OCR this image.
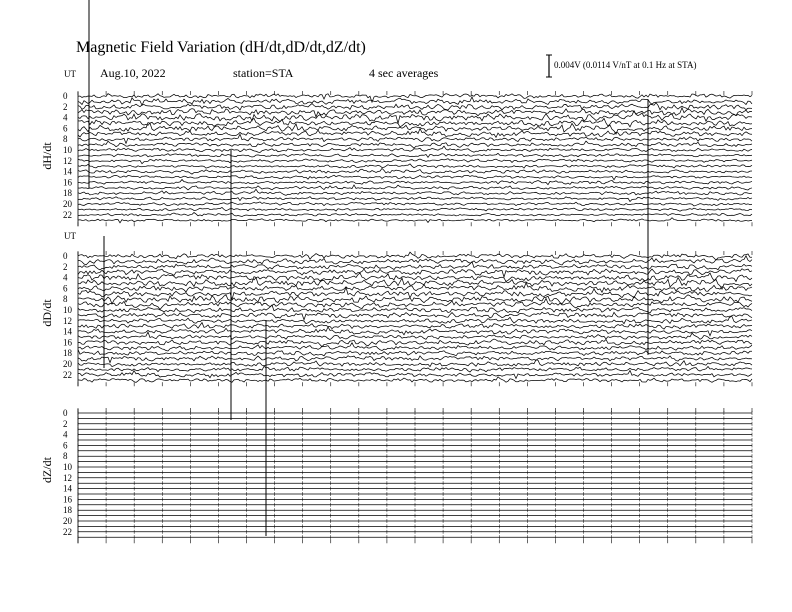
Magnetic Field Variation (dH/dt,dD/dt,dZ/dt)
Aug.10, 2022	station=STA	4 sec averages
0.004V (0.0114 V/nT at 0.1 Hz at STA)
UT
dH/dt
0
2
4
6
8
10
12
14
16
18
20
22
UT
dD/dt
0
2
4
6
8
10
12
14
16
18
20
22
dZ/dt
0
2
4
6
8
10
12
14
16
18
20
22
